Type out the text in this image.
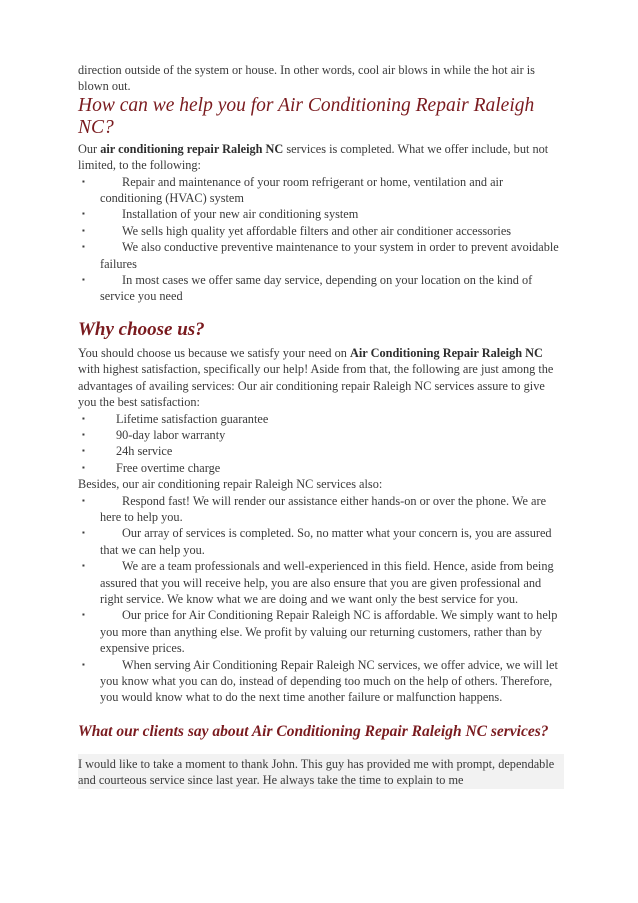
direction outside of the system or house. In other words, cool air blows in while the hot air is blown out.

How can we help you for Air Conditioning Repair Raleigh NC?

Our air conditioning repair Raleigh NC services is completed. What we offer include, but not limited, to the following:

▪	Repair and maintenance of your room refrigerant or home, ventilation and air conditioning (HVAC) system
▪	Installation of your new air conditioning system
▪	We sells high quality yet affordable filters and other air conditioner accessories
▪	We also conductive preventive maintenance to your system in order to prevent avoidable failures
▪	In most cases we offer same day service, depending on your location on the kind of service you need
Why choose us?

You should choose us because we satisfy your need on Air Conditioning Repair Raleigh NC with highest satisfaction, specifically our help! Aside from that, the following are just among the advantages of availing services: Our air conditioning repair Raleigh NC services assure to give you the best satisfaction:

▪	Lifetime satisfaction guarantee
▪	90-day labor warranty
▪	24h service
▪	Free overtime charge

Besides, our air conditioning repair Raleigh NC services also:

▪	Respond fast! We will render our assistance either hands-on or over the phone. We are here to help you.
▪	Our array of services is completed. So, no matter what your concern is, you are assured that we can help you.
▪	We are a team professionals and well-experienced in this field. Hence, aside from being assured that you will receive help, you are also ensure that you are given professional and right service. We know what we are doing and we want only the best service for you.
▪	Our price for Air Conditioning Repair Raleigh NC is affordable. We simply want to help you more than anything else. We profit by valuing our returning customers, rather than by expensive prices.
▪	When serving Air Conditioning Repair Raleigh NC services, we offer advice, we will let you know what you can do, instead of depending too much on the help of others. Therefore, you would know what to do the next time another failure or malfunction happens.
What our clients say about Air Conditioning Repair Raleigh NC services?

I would like to take a moment to thank John. This guy has provided me with prompt, dependable and courteous service since last year. He always take the time to explain to me
